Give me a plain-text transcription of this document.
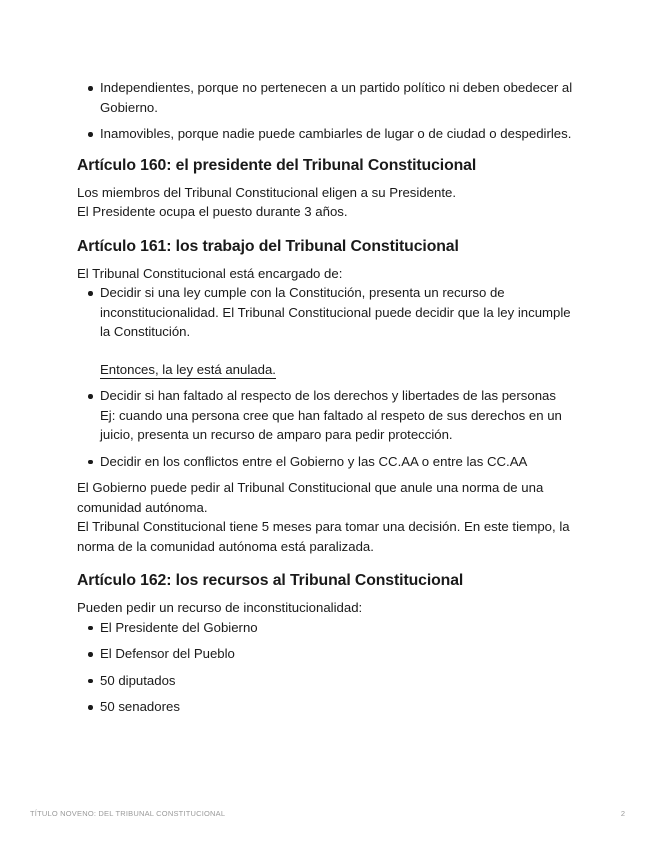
Independientes, porque no pertenecen a un partido político ni deben obedecer al Gobierno.
Inamovibles, porque nadie puede cambiarles de lugar o de ciudad o despedirles.
Artículo 160: el presidente del Tribunal Constitucional

Los miembros del Tribunal Constitucional eligen a su Presidente.
El Presidente ocupa el puesto durante 3 años.

Artículo 161: los trabajo del Tribunal Constitucional

El Tribunal Constitucional está encargado de:

Decidir si una ley cumple con la Constitución, presenta un recurso de inconstitucionalidad. El Tribunal Constitucional puede decidir que la ley incumple la Constitución.
Entonces, la ley está anulada.
Decidir si han faltado al respecto de los derechos y libertades de las personas
Ej: cuando una persona cree que han faltado al respeto de sus derechos en un juicio, presenta un recurso de amparo para pedir protección.
Decidir en los conflictos entre el Gobierno y las CC.AA o entre las CC.AA

El Gobierno puede pedir al Tribunal Constitucional que anule una norma de una comunidad autónoma.
El Tribunal Constitucional tiene 5 meses para tomar una decisión. En este tiempo, la norma de la comunidad autónoma está paralizada.

Artículo 162: los recursos al Tribunal Constitucional

Pueden pedir un recurso de inconstitucionalidad:

El Presidente del Gobierno
El Defensor del Pueblo
50 diputados
50 senadores
TÍTULO NOVENO: DEL TRIBUNAL CONSTITUCIONAL	2
